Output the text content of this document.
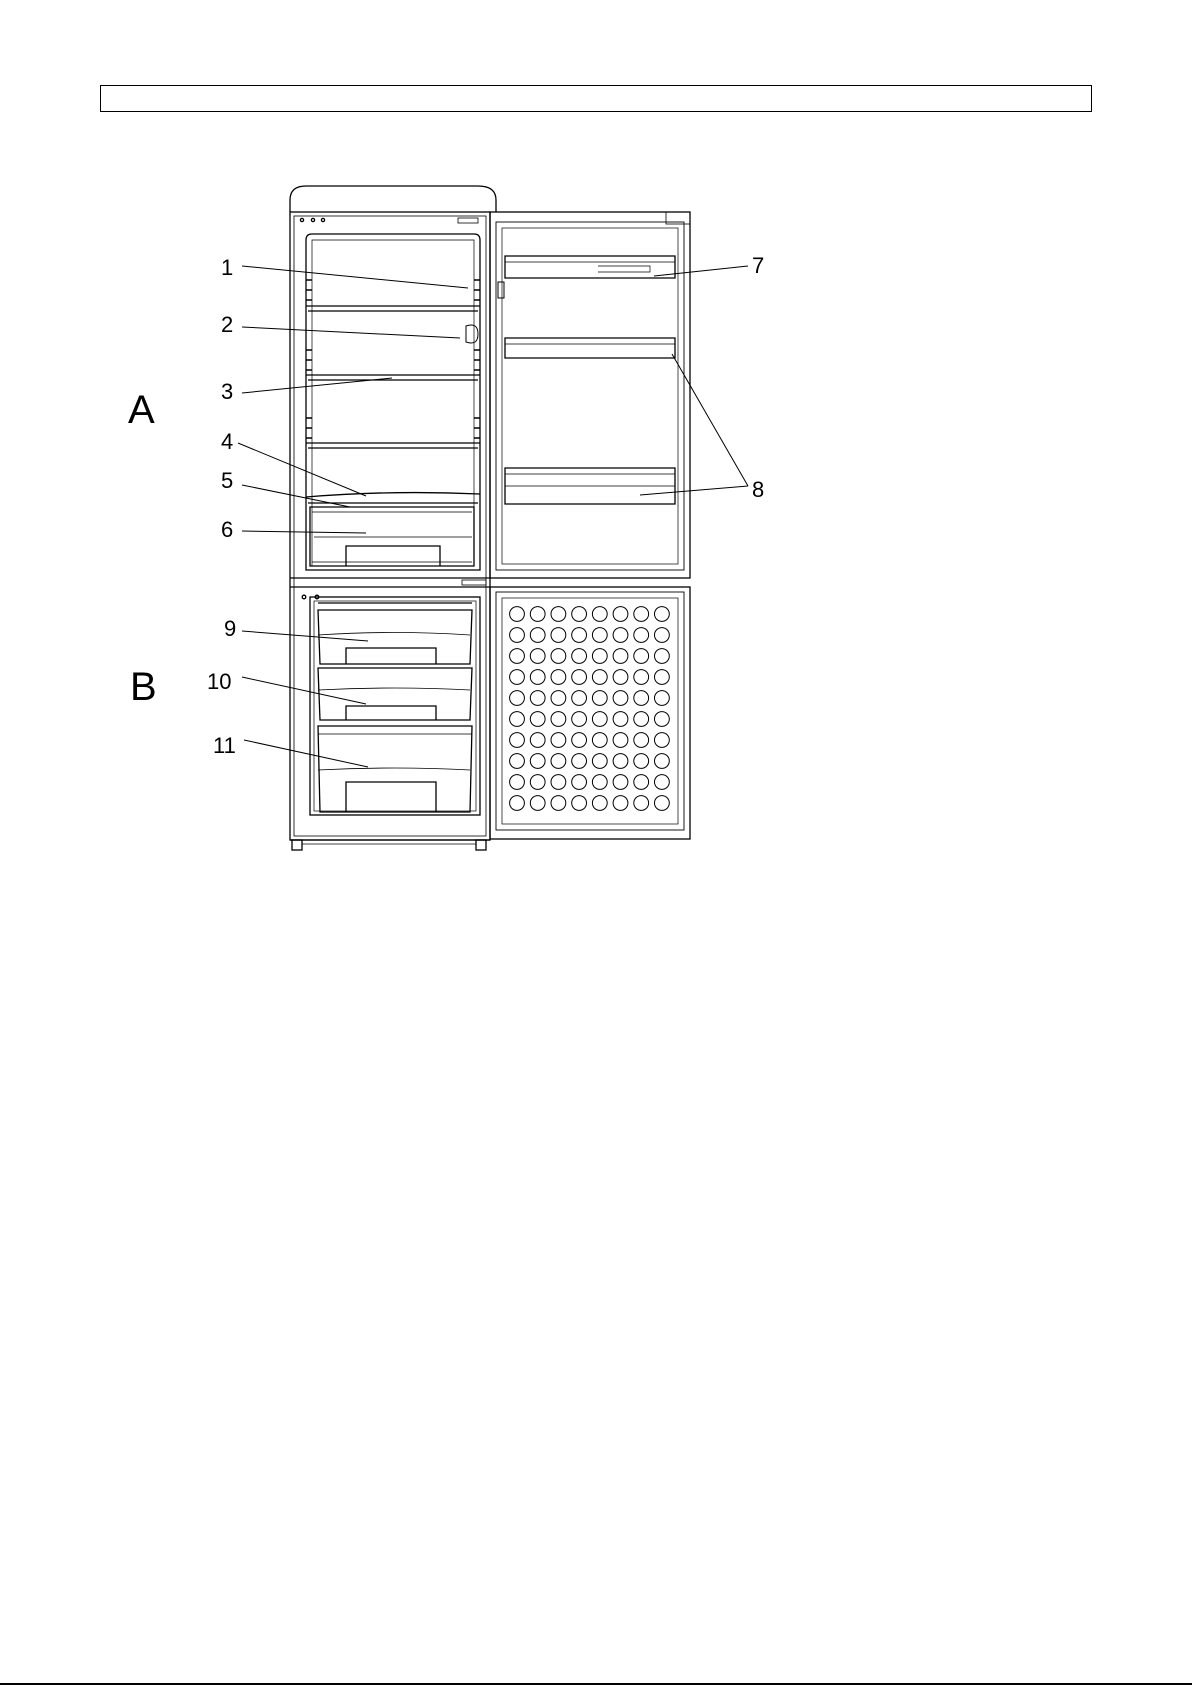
A
B
1
2
3
4
5
6
7
8
9
10
11
